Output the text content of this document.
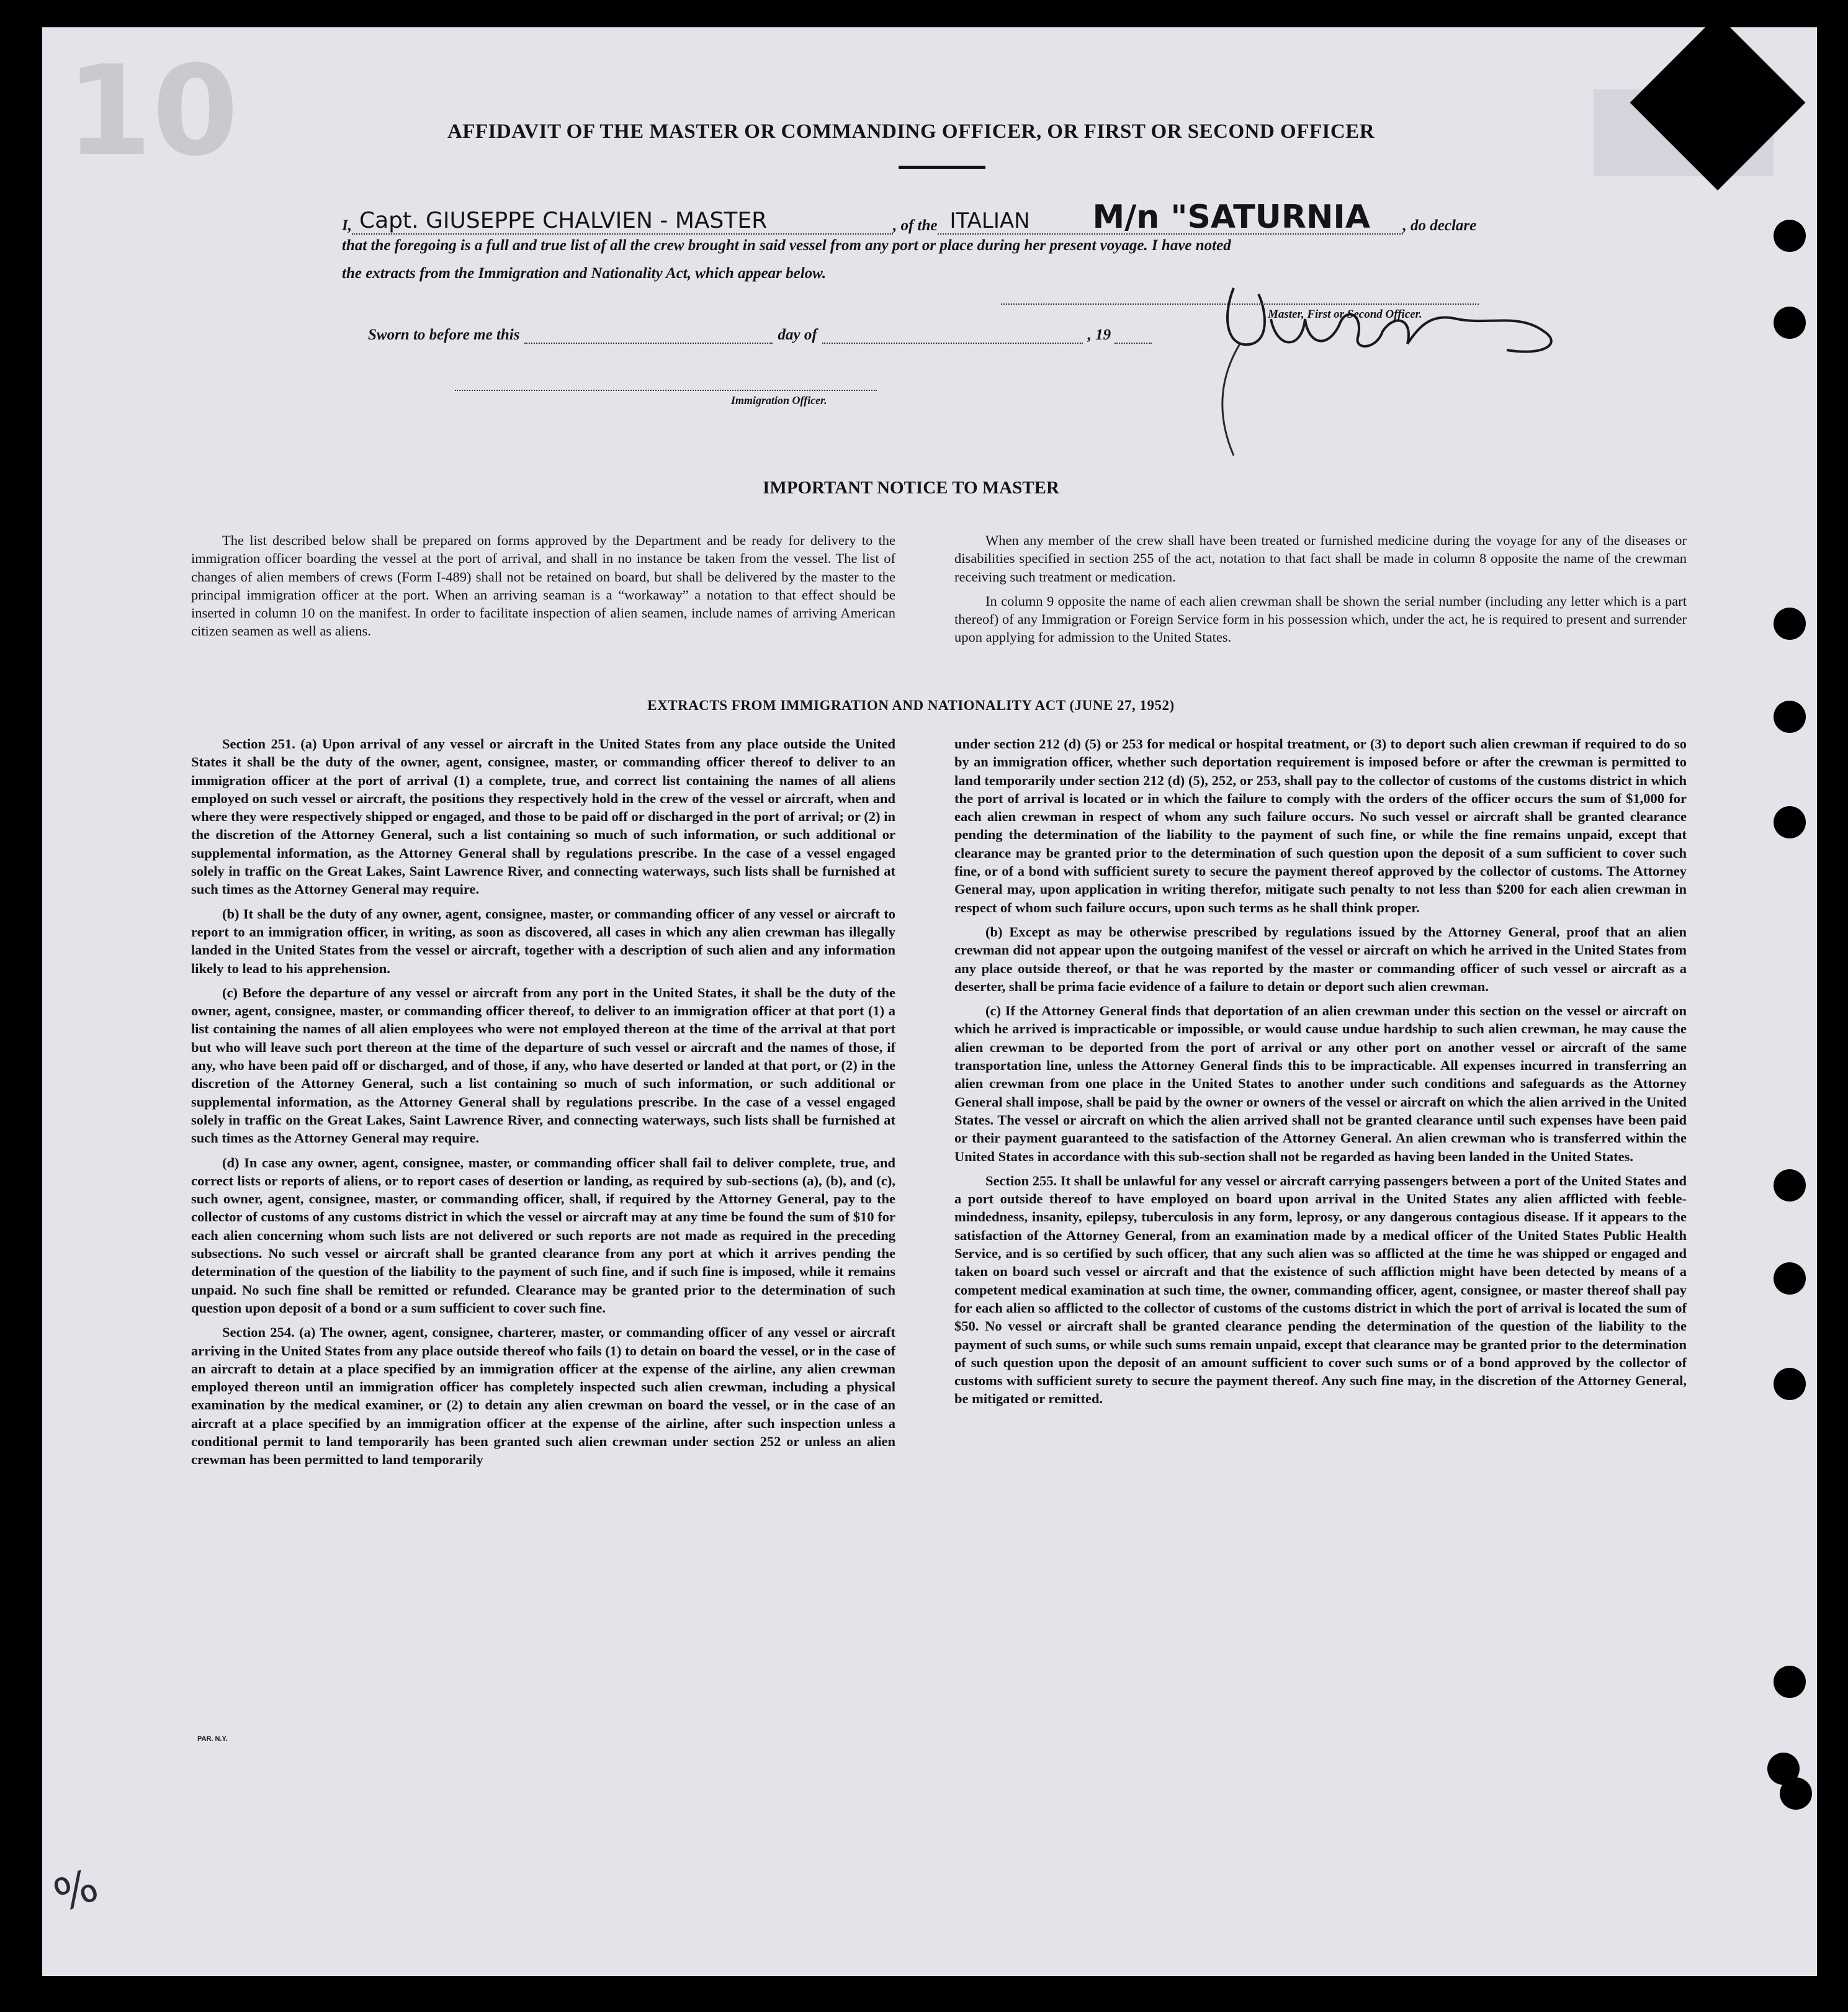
10	AFFIDAVIT OF THE MASTER OR COMMANDING OFFICER, OR FIRST OR SECOND OFFICER
I, Capt. GIUSEPPE CHALVIEN - MASTER	, of the ITALIAN M/n "SATURNIA , do declare
that the foregoing is a full and true list of all the crew brought in said vessel from any port or place during her present voyage. I have noted
the extracts from the Immigration and Nationality Act, which appear below.
Master, First or Second Officer.
Sworn to before me this	day of	, 19
Immigration Officer.
IMPORTANT NOTICE TO MASTER

The list described below shall be prepared on forms approved by the Department and be ready for delivery to the immigration officer boarding the vessel at the port of arrival, and shall in no instance be taken from the vessel. The list of changes of alien members of crews (Form I-489) shall not be retained on board, but shall be delivered by the master to the principal immigration officer at the port. When an arriving seaman is a “workaway” a notation to that effect should be inserted in column 10 on the manifest. In order to facilitate inspection of alien seamen, include names of arriving American citizen seamen as well as aliens.

When any member of the crew shall have been treated or furnished medicine during the voyage for any of the diseases or disabilities specified in section 255 of the act, notation to that fact shall be made in column 8 opposite the name of the crewman receiving such treatment or medication.

In column 9 opposite the name of each alien crewman shall be shown the serial number (including any letter which is a part thereof) of any Immigration or Foreign Service form in his possession which, under the act, he is required to present and surrender upon applying for admission to the United States.

EXTRACTS FROM IMMIGRATION AND NATIONALITY ACT (JUNE 27, 1952)

Section 251. (a) Upon arrival of any vessel or aircraft in the United States from any place outside the United States it shall be the duty of the owner, agent, consignee, master, or commanding officer thereof to deliver to an immigration officer at the port of arrival (1) a complete, true, and correct list containing the names of all aliens employed on such vessel or aircraft, the positions they respectively hold in the crew of the vessel or aircraft, when and where they were respectively shipped or engaged, and those to be paid off or discharged in the port of arrival; or (2) in the discretion of the Attorney General, such a list containing so much of such information, or such additional or supplemental information, as the Attorney General shall by regulations prescribe. In the case of a vessel engaged solely in traffic on the Great Lakes, Saint Lawrence River, and connecting waterways, such lists shall be furnished at such times as the Attorney General may require.

(b) It shall be the duty of any owner, agent, consignee, master, or commanding officer of any vessel or aircraft to report to an immigration officer, in writing, as soon as discovered, all cases in which any alien crewman has illegally landed in the United States from the vessel or aircraft, together with a description of such alien and any information likely to lead to his apprehension.

(c) Before the departure of any vessel or aircraft from any port in the United States, it shall be the duty of the owner, agent, consignee, master, or commanding officer thereof, to deliver to an immigration officer at that port (1) a list containing the names of all alien employees who were not employed thereon at the time of the arrival at that port but who will leave such port thereon at the time of the departure of such vessel or aircraft and the names of those, if any, who have been paid off or discharged, and of those, if any, who have deserted or landed at that port, or (2) in the discretion of the Attorney General, such a list containing so much of such information, or such additional or supplemental information, as the Attorney General shall by regulations prescribe. In the case of a vessel engaged solely in traffic on the Great Lakes, Saint Lawrence River, and connecting waterways, such lists shall be furnished at such times as the Attorney General may require.

(d) In case any owner, agent, consignee, master, or commanding officer shall fail to deliver complete, true, and correct lists or reports of aliens, or to report cases of desertion or landing, as required by sub-sections (a), (b), and (c), such owner, agent, consignee, master, or commanding officer, shall, if required by the Attorney General, pay to the collector of customs of any customs district in which the vessel or aircraft may at any time be found the sum of $10 for each alien concerning whom such lists are not delivered or such reports are not made as required in the preceding subsections. No such vessel or aircraft shall be granted clearance from any port at which it arrives pending the determination of the question of the liability to the payment of such fine, and if such fine is imposed, while it remains unpaid. No such fine shall be remitted or refunded. Clearance may be granted prior to the determination of such question upon deposit of a bond or a sum sufficient to cover such fine.

Section 254. (a) The owner, agent, consignee, charterer, master, or commanding officer of any vessel or aircraft arriving in the United States from any place outside thereof who fails (1) to detain on board the vessel, or in the case of an aircraft to detain at a place specified by an immigration officer at the expense of the airline, any alien crewman employed thereon until an immigration officer has completely inspected such alien crewman, including a physical examination by the medical examiner, or (2) to detain any alien crewman on board the vessel, or in the case of an aircraft at a place specified by an immigration officer at the expense of the airline, after such inspection unless a conditional permit to land temporarily has been granted such alien crewman under section 252 or unless an alien crewman has been permitted to land temporarily

under section 212 (d) (5) or 253 for medical or hospital treatment, or (3) to deport such alien crewman if required to do so by an immigration officer, whether such deportation requirement is imposed before or after the crewman is permitted to land temporarily under section 212 (d) (5), 252, or 253, shall pay to the collector of customs of the customs district in which the port of arrival is located or in which the failure to comply with the orders of the officer occurs the sum of $1,000 for each alien crewman in respect of whom any such failure occurs. No such vessel or aircraft shall be granted clearance pending the determination of the liability to the payment of such fine, or while the fine remains unpaid, except that clearance may be granted prior to the determination of such question upon the deposit of a sum sufficient to cover such fine, or of a bond with sufficient surety to secure the payment thereof approved by the collector of customs. The Attorney General may, upon application in writing therefor, mitigate such penalty to not less than $200 for each alien crewman in respect of whom such failure occurs, upon such terms as he shall think proper.

(b) Except as may be otherwise prescribed by regulations issued by the Attorney General, proof that an alien crewman did not appear upon the outgoing manifest of the vessel or aircraft on which he arrived in the United States from any place outside thereof, or that he was reported by the master or commanding officer of such vessel or aircraft as a deserter, shall be prima facie evidence of a failure to detain or deport such alien crewman.

(c) If the Attorney General finds that deportation of an alien crewman under this section on the vessel or aircraft on which he arrived is impracticable or impossible, or would cause undue hardship to such alien crewman, he may cause the alien crewman to be deported from the port of arrival or any other port on another vessel or aircraft of the same transportation line, unless the Attorney General finds this to be impracticable. All expenses incurred in transferring an alien crewman from one place in the United States to another under such conditions and safeguards as the Attorney General shall impose, shall be paid by the owner or owners of the vessel or aircraft on which the alien arrived in the United States. The vessel or aircraft on which the alien arrived shall not be granted clearance until such expenses have been paid or their payment guaranteed to the satisfaction of the Attorney General. An alien crewman who is transferred within the United States in accordance with this sub-section shall not be regarded as having been landed in the United States.

Section 255. It shall be unlawful for any vessel or aircraft carrying passengers between a port of the United States and a port outside thereof to have employed on board upon arrival in the United States any alien afflicted with feeble-mindedness, insanity, epilepsy, tuberculosis in any form, leprosy, or any dangerous contagious disease. If it appears to the satisfaction of the Attorney General, from an examination made by a medical officer of the United States Public Health Service, and is so certified by such officer, that any such alien was so afflicted at the time he was shipped or engaged and taken on board such vessel or aircraft and that the existence of such affliction might have been detected by means of a competent medical examination at such time, the owner, commanding officer, agent, consignee, or master thereof shall pay for each alien so afflicted to the collector of customs of the customs district in which the port of arrival is located the sum of $50. No vessel or aircraft shall be granted clearance pending the determination of the question of the liability to the payment of such sums, or while such sums remain unpaid, except that clearance may be granted prior to the determination of such question upon the deposit of an amount sufficient to cover such sums or of a bond approved by the collector of customs with sufficient surety to secure the payment thereof. Any such fine may, in the discretion of the Attorney General, be mitigated or remitted.

PAR. N.Y.
%
